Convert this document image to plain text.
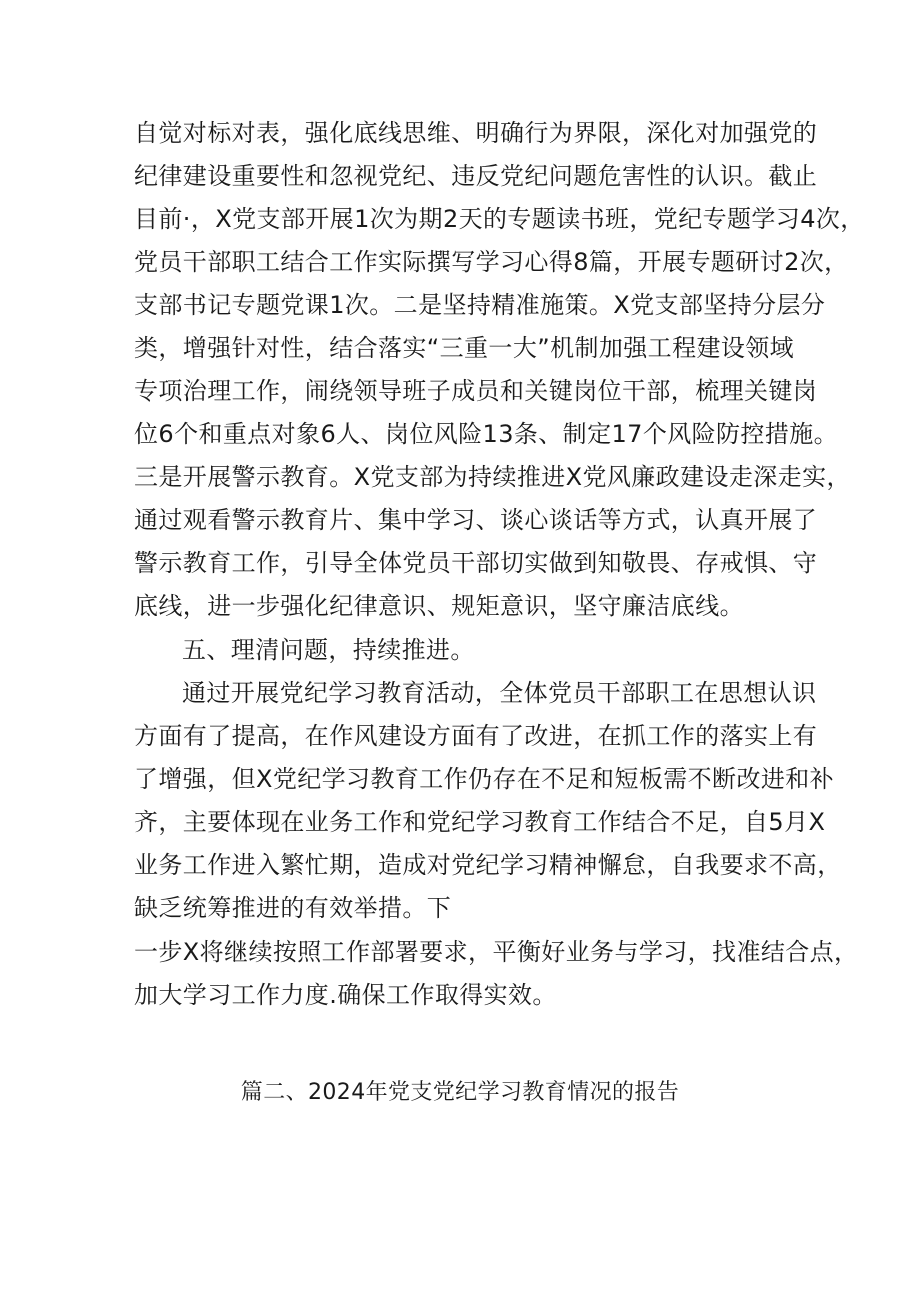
自觉对标对表，强化底线思维、明确行为界限，深化对加强党的
纪律建设重要性和忽视党纪、违反党纪问题危害性的认识。截止
目前·，X党支部开展1次为期2天的专题读书班，党纪专题学习4次，
党员干部职工结合工作实际撰写学习心得8篇，开展专题研讨2次，
支部书记专题党课1次。二是坚持精准施策。X党支部坚持分层分
类，增强针对性，结合落实“三重一大”机制加强工程建设领域
专项治理工作，闹绕领导班子成员和关键岗位干部，梳理关键岗
位6个和重点对象6人、岗位风险13条、制定17个风险防控措施。
三是开展警示教育。X党支部为持续推进X党风廉政建设走深走实，
通过观看警示教育片、集中学习、谈心谈话等方式，认真开展了
警示教育工作，引导全体党员干部切实做到知敬畏、存戒惧、守
底线，进一步强化纪律意识、规矩意识，坚守廉洁底线。
五、理清问题，持续推进。
通过开展党纪学习教育活动，全体党员干部职工在思想认识
方面有了提高，在作风建设方面有了改进，在抓工作的落实上有
了增强，但X党纪学习教育工作仍存在不足和短板需不断改进和补
齐，主要体现在业务工作和党纪学习教育工作结合不足，自5月X
业务工作进入繁忙期，造成对党纪学习精神懈怠，自我要求不高，
缺乏统筹推进的有效举措。下
一步X将继续按照工作部署要求，平衡好业务与学习，找准结合点，
加大学习工作力度.确保工作取得实效。
篇二、2024年党支党纪学习教育情况的报告
